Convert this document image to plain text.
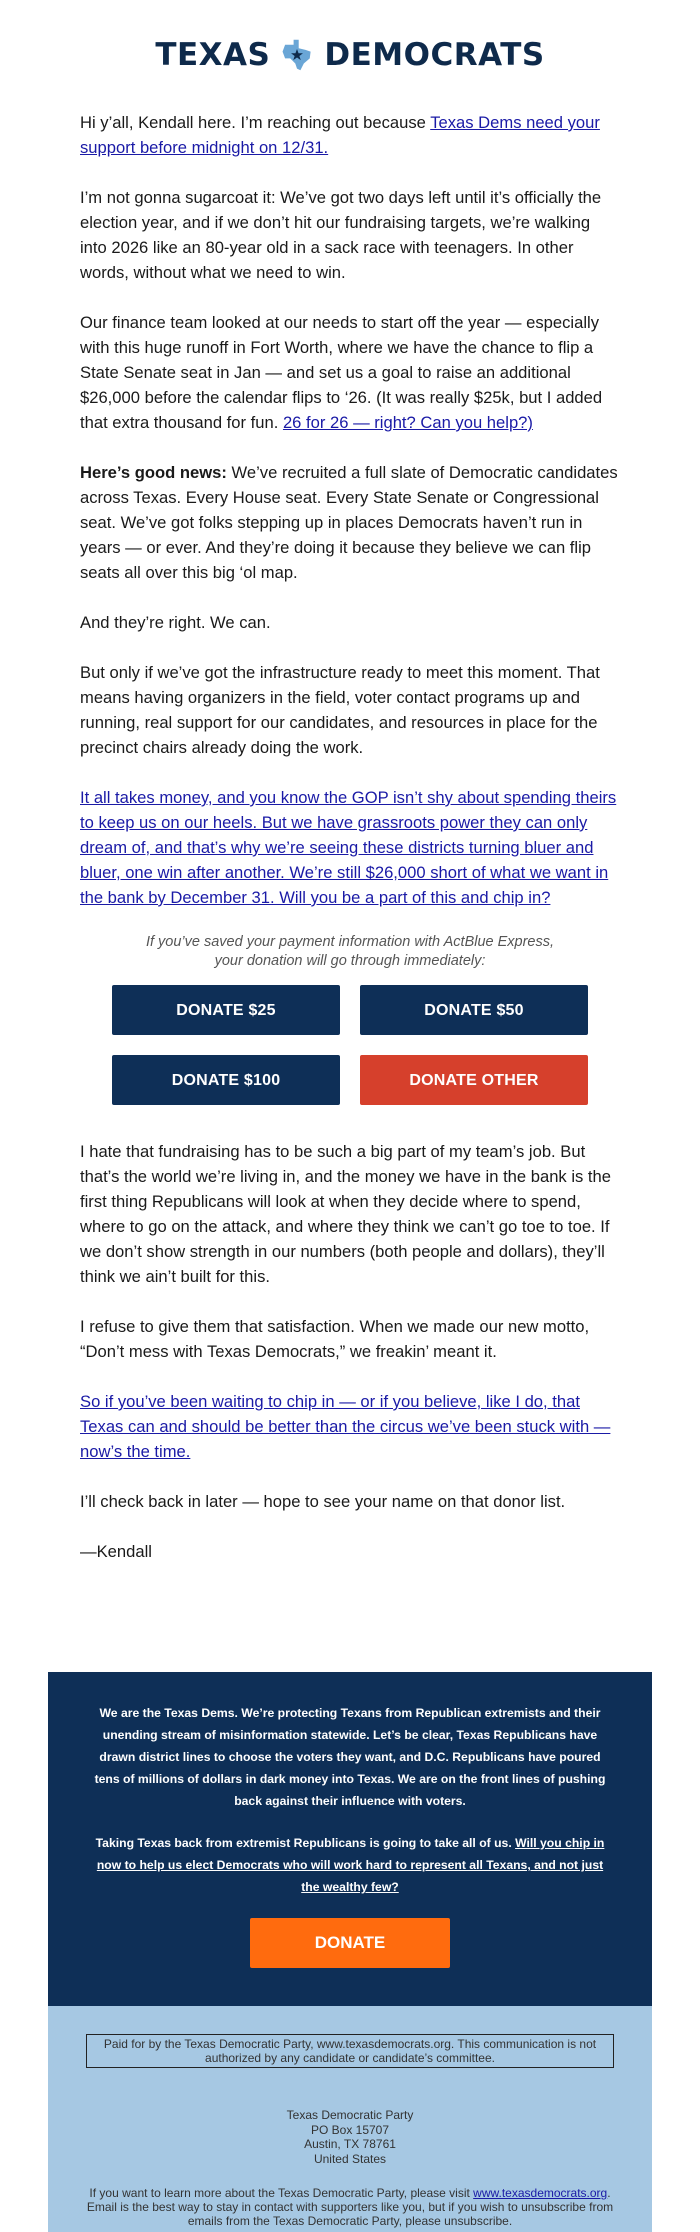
TEXAS DEMOCRATS

Hi y’all, Kendall here. I’m reaching out because Texas Dems need your support before midnight on 12/31.

I’m not gonna sugarcoat it: We’ve got two days left until it’s officially the election year, and if we don’t hit our fundraising targets, we’re walking into 2026 like an 80-year old in a sack race with teenagers. In other words, without what we need to win.

Our finance team looked at our needs to start off the year — especially with this huge runoff in Fort Worth, where we have the chance to flip a State Senate seat in Jan — and set us a goal to raise an additional $26,000 before the calendar flips to ‘26. (It was really $25k, but I added that extra thousand for fun. 26 for 26 — right? Can you help?)

Here’s good news: We’ve recruited a full slate of Democratic candidates across Texas. Every House seat. Every State Senate or Congressional seat. We’ve got folks stepping up in places Democrats haven’t run in years — or ever. And they’re doing it because they believe we can flip seats all over this big ‘ol map.

And they’re right. We can.

But only if we’ve got the infrastructure ready to meet this moment. That means having organizers in the field, voter contact programs up and running, real support for our candidates, and resources in place for the precinct chairs already doing the work.

It all takes money, and you know the GOP isn’t shy about spending theirs to keep us on our heels. But we have grassroots power they can only dream of, and that’s why we’re seeing these districts turning bluer and bluer, one win after another. We’re still $26,000 short of what we want in the bank by December 31. Will you be a part of this and chip in?

If you’ve saved your payment information with ActBlue Express, your donation will go through immediately:
DONATE $25	DONATE $50
DONATE $100	DONATE OTHER

I hate that fundraising has to be such a big part of my team’s job. But that’s the world we’re living in, and the money we have in the bank is the first thing Republicans will look at when they decide where to spend, where to go on the attack, and where they think we can’t go toe to toe. If we don’t show strength in our numbers (both people and dollars), they’ll think we ain’t built for this.

I refuse to give them that satisfaction. When we made our new motto, “Don’t mess with Texas Democrats,” we freakin’ meant it.

So if you’ve been waiting to chip in — or if you believe, like I do, that Texas can and should be better than the circus we’ve been stuck with — now’s the time.

I’ll check back in later — hope to see your name on that donor list.

—Kendall

We are the Texas Dems. We’re protecting Texans from Republican extremists and their unending stream of misinformation statewide. Let’s be clear, Texas Republicans have drawn district lines to choose the voters they want, and D.C. Republicans have poured tens of millions of dollars in dark money into Texas. We are on the front lines of pushing back against their influence with voters.

Taking Texas back from extremist Republicans is going to take all of us. Will you chip in now to help us elect Democrats who will work hard to represent all Texans, and not just the wealthy few?

DONATE
Paid for by the Texas Democratic Party, www.texasdemocrats.org. This communication is not authorized by any candidate or candidate’s committee.
Texas Democratic Party
PO Box 15707
Austin, TX 78761
United States

If you want to learn more about the Texas Democratic Party, please visit www.texasdemocrats.org. Email is the best way to stay in contact with supporters like you, but if you wish to unsubscribe from emails from the Texas Democratic Party, please unsubscribe.
